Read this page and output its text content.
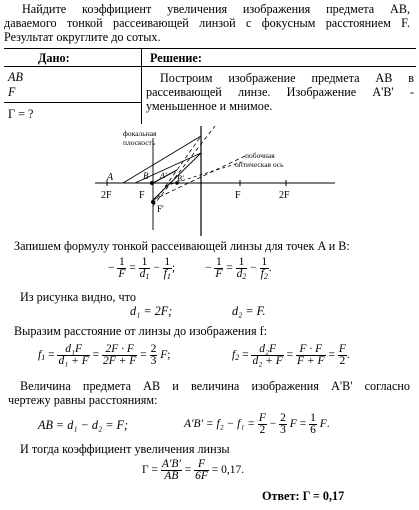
Найдите коэффициент увеличения изображения предмета AB,
даваемого тонкой рассеивающей линзой с фокусным расстоянием F.
Результат округлите до сотых.
Дано:	Решение:
AB
F
Γ = ?
Построим изображение предмета AB в
рассеивающей линзе. Изображение A'B' -
уменьшенное и мнимое.
фокальная
плоскость
побочная
оптическая ось
A	B A' B'
2F	F	F	2F
F'
Запишем формулу тонкой рассеивающей линзы для точек A и B:
− $\frac{1}{F} = \frac{1}{d_1} - \frac{1}{f_1}$ ;	− $\frac{1}{F} = \frac{1}{d_2} - \frac{1}{f_2}$ .
Из рисунка видно, что
d₁ = 2F;	d₂ = F.
Выразим расстояние от линзы до изображения f:
$f_1 = \frac{\text{d₁F}}{\text{d₁ + F}} = \frac{2F \cdot F}{2F + F} = \frac{2}{3} F$;	$f_2 = \frac{\text{d₂F}}{\text{d₂ + F}} = \frac{F \cdot F}{F + F} = \frac{F}{2}$ .
Величина предмета AB и величина изображения A'B' согласно
чертежу равны расстояниям:
AB = d₁ − d₂ = F;	$A'B' = f_2 - f_1 = \frac{F}{2} - \frac{2}{3}$ $F = \frac{1}{6} F$.
И тогда коэффициент увеличения линзы
$\Gamma = \frac{A'B'}{AB} = \frac{F}{6F} = 0,17$.
Ответ: Γ = 0,17
